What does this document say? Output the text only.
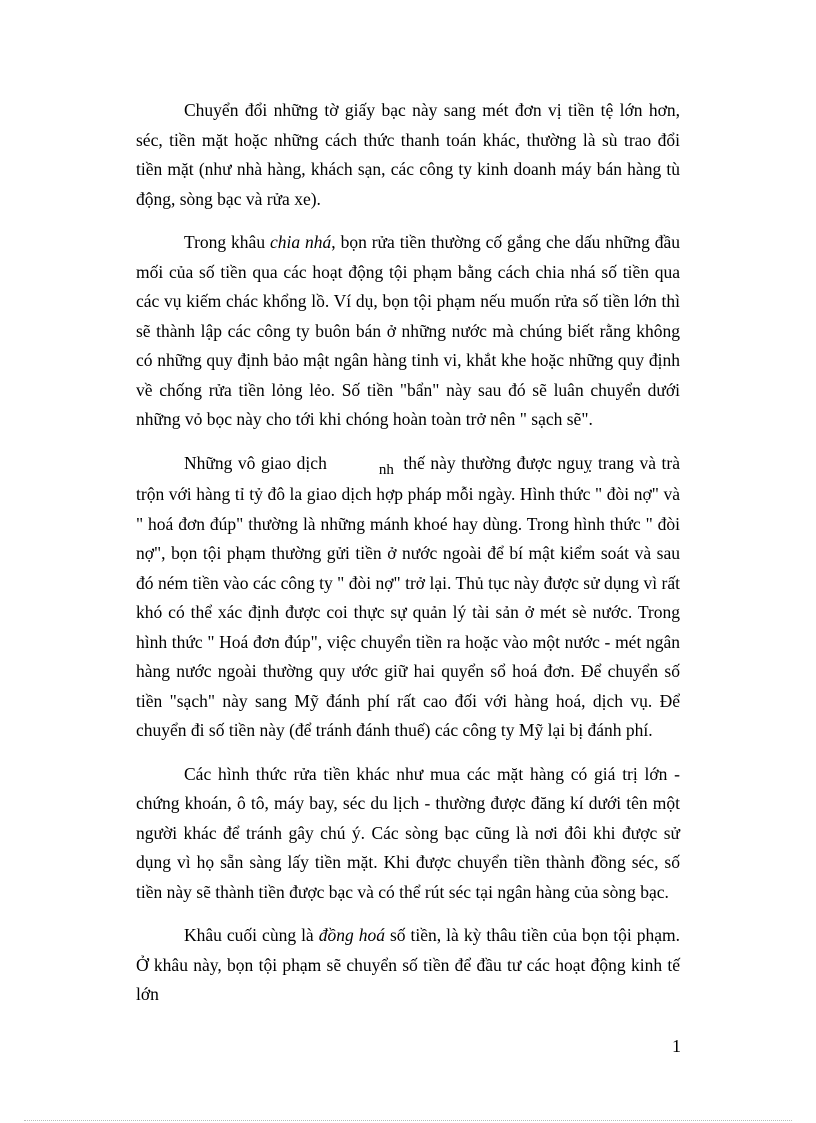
Chuyển đổi những tờ giấy bạc này sang mét đơn vị tiền tệ lớn hơn, séc, tiền mặt hoặc những cách thức thanh toán khác, thường là sù trao đổi tiền mặt (như nhà hàng, khách sạn, các công ty kinh doanh máy bán hàng tù động, sòng bạc và rửa xe).

Trong khâu chia nhá, bọn rửa tiền thường cố gắng che dấu những đầu mối của số tiền qua các hoạt động tội phạm bằng cách chia nhá số tiền qua các vụ kiếm chác khổng lồ. Ví dụ, bọn tội phạm nếu muốn rửa số tiền lớn thì sẽ thành lập các công ty buôn bán ở những nước mà chúng biết rằng không có những quy định bảo mật ngân hàng tinh vi, khắt khe hoặc những quy định về chống rửa tiền lỏng lẻo. Số tiền "bẩn" này sau đó sẽ luân chuyển dưới những vỏ bọc này cho tới khi chóng hoàn toàn trở nên " sạch sẽ".

Những vô giao dịch	nh thế này thường được nguỵ trang và trà trộn với hàng tỉ tỷ đô la giao dịch hợp pháp mỗi ngày. Hình thức " đòi nợ" và " hoá đơn đúp" thường là những mánh khoé hay dùng. Trong hình thức " đòi nợ", bọn tội phạm thường gửi tiền ở nước ngoài để bí mật kiểm soát và sau đó ném tiền vào các công ty " đòi nợ" trở lại. Thủ tục này được sử dụng vì rất khó có thể xác định được coi thực sự quản lý tài sản ở mét sè nước. Trong hình thức " Hoá đơn đúp", việc chuyển tiền ra hoặc vào một nước - mét ngân hàng nước ngoài thường quy ước giữ hai quyển sổ hoá đơn. Để chuyển số tiền "sạch" này sang Mỹ đánh phí rất cao đối với hàng hoá, dịch vụ. Để chuyển đi số tiền này (để tránh đánh thuế) các công ty Mỹ lại bị đánh phí.

Các hình thức rửa tiền khác như mua các mặt hàng có giá trị lớn - chứng khoán, ô tô, máy bay, séc du lịch - thường được đăng kí dưới tên một người khác để tránh gây chú ý. Các sòng bạc cũng là nơi đôi khi được sử dụng vì họ sẵn sàng lấy tiền mặt. Khi được chuyển tiền thành đồng séc, số tiền này sẽ thành tiền được bạc và có thể rút séc tại ngân hàng của sòng bạc.

Khâu cuối cùng là đồng hoá số tiền, là kỳ thâu tiền của bọn tội phạm. Ở khâu này, bọn tội phạm sẽ chuyển số tiền để đầu tư các hoạt động kinh tế lớn

1
